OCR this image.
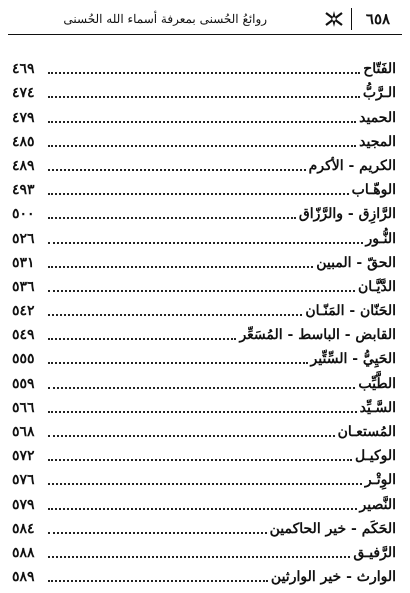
٦٥٨
روائعُ الحُسنى بمعرفة أسماء الله الحُسنى
الفَتّاح
٤٦٩
الـرَّبُّ
٤٧٤
الحميد
٤٧٩
المجيد
٤٨٥
الكريم - الأكرم
٤٨٩
الوهّـاب
٤٩٣
الرَّازِق - والرَّزّاق
٥٠٠
النُّـور
٥٢٦
الحقّ - المبين
٥٣١
الدَّيَّـان
٥٣٦
الحَنّان - المَنّـان
٥٤٢
القابض - الباسط - المُسَعِّر
٥٤٩
الحَيِيُّ - السِّتِّير
٥٥٥
الطَّيِّب
٥٥٩
السَّـيِّد
٥٦٦
المُستعـان
٥٦٨
الوكيـل
٥٧٢
الوِتْـر
٥٧٦
النَّصير
٥٧٩
الحَكَم - خير الحاكمين
٥٨٤
الرَّفيـق
٥٨٨
الوارث - خير الوارثين
٥٨٩
